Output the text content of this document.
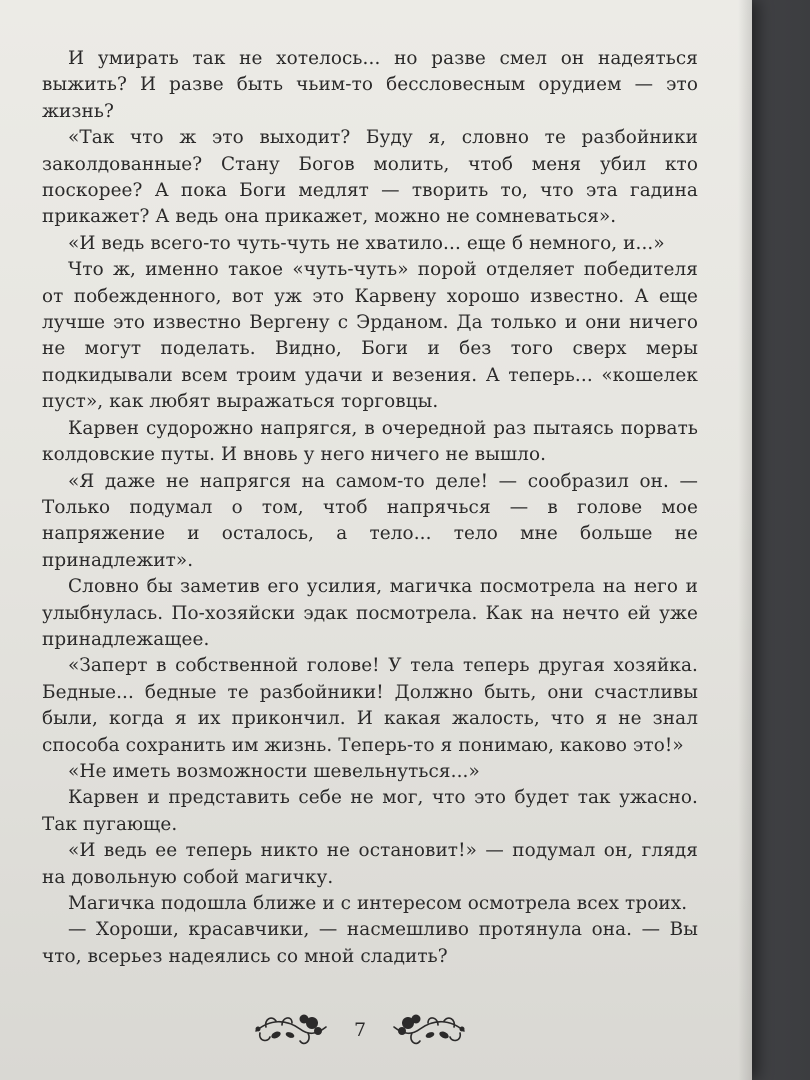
И умирать так не хотелось... но разве смел он надеяться выжить? И разве быть чьим-то бессловесным орудием — это жизнь?

«Так что ж это выходит? Буду я, словно те разбойники заколдованные? Стану Богов молить, чтоб меня убил кто поскорее? А пока Боги медлят — творить то, что эта гадина прикажет? А ведь она прикажет, можно не сомневаться».

«И ведь всего-то чуть-чуть не хватило... еще б немного, и...»

Что ж, именно такое «чуть-чуть» порой отделяет победителя от побежденного, вот уж это Карвену хорошо известно. А еще лучше это известно Вергену с Эрданом. Да только и они ничего не могут поделать. Видно, Боги и без того сверх меры подкидывали всем троим удачи и везения. А теперь... «кошелек пуст», как любят выражаться торговцы.

Карвен судорожно напрягся, в очередной раз пытаясь порвать колдовские путы. И вновь у него ничего не вышло.

«Я даже не напрягся на самом-то деле! — сообразил он. — Только подумал о том, чтоб напрячься — в голове мое напряжение и осталось, а тело... тело мне больше не принадлежит».

Словно бы заметив его усилия, магичка посмотрела на него и улыбнулась. По-хозяйски эдак посмотрела. Как на нечто ей уже принадлежащее.

«Заперт в собственной голове! У тела теперь другая хозяйка. Бедные... бедные те разбойники! Должно быть, они счастливы были, когда я их прикончил. И какая жалость, что я не знал способа сохранить им жизнь. Теперь-то я понимаю, каково это!»

«Не иметь возможности шевельнуться...»

Карвен и представить себе не мог, что это будет так ужасно. Так пугающе.

«И ведь ее теперь никто не остановит!» — подумал он, глядя на довольную собой магичку.

Магичка подошла ближе и с интересом осмотрела всех троих.

— Хороши, красавчики, — насмешливо протянула она. — Вы что, всерьез надеялись со мной сладить?

7
